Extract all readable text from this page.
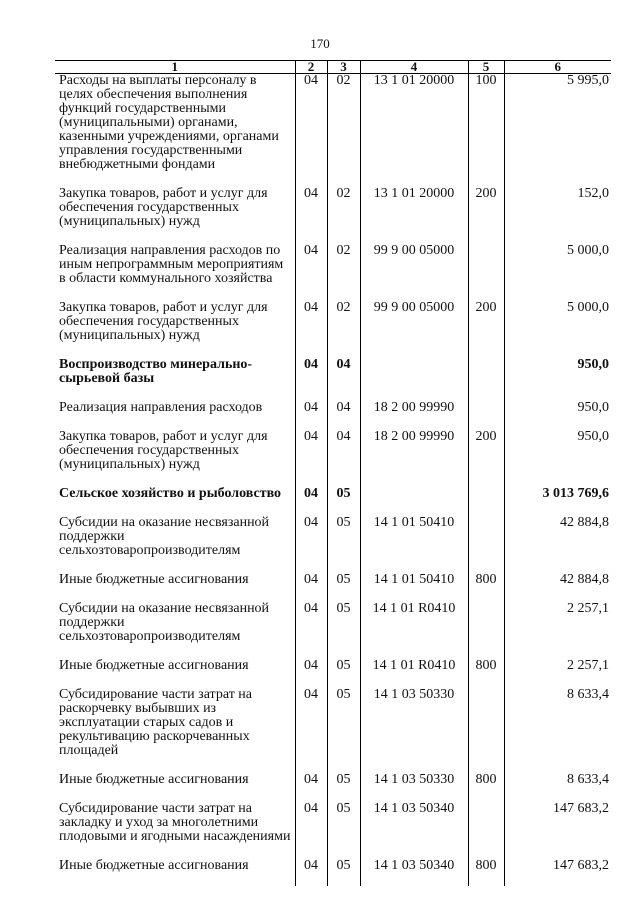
170
1	2	3	4	5	6
Расходы на выплаты персоналу в целях обеспечения выполнения функций государственными (муниципальными) органами, казенными учреждениями, органами управления государственными внебюджетными фондами	04	02	13 1 01 20000	100	5 995,0
Закупка товаров, работ и услуг для обеспечения государственных (муниципальных) нужд	04	02	13 1 01 20000	200	152,0
Реализация направления расходов по иным непрограммным мероприятиям в области коммунального хозяйства	04	02	99 9 00 05000		5 000,0
Закупка товаров, работ и услуг для обеспечения государственных (муниципальных) нужд	04	02	99 9 00 05000	200	5 000,0
Воспроизводство минерально-сырьевой базы	04	04			950,0
Реализация направления расходов	04	04	18 2 00 99990		950,0
Закупка товаров, работ и услуг для обеспечения государственных (муниципальных) нужд	04	04	18 2 00 99990	200	950,0
Сельское хозяйство и рыболовство	04	05			3 013 769,6
Субсидии на оказание несвязанной поддержки сельхозтоваропроизводителям	04	05	14 1 01 50410		42 884,8
Иные бюджетные ассигнования	04	05	14 1 01 50410	800	42 884,8
Субсидии на оказание несвязанной поддержки сельхозтоваропроизводителям	04	05	14 1 01 R0410		2 257,1
Иные бюджетные ассигнования	04	05	14 1 01 R0410	800	2 257,1
Субсидирование части затрат на раскорчевку выбывших из эксплуатации старых садов и рекультивацию раскорчеванных площадей	04	05	14 1 03 50330		8 633,4
Иные бюджетные ассигнования	04	05	14 1 03 50330	800	8 633,4
Субсидирование части затрат на закладку и уход за многолетними плодовыми и ягодными насаждениями	04	05	14 1 03 50340		147 683,2
Иные бюджетные ассигнования	04	05	14 1 03 50340	800	147 683,2
